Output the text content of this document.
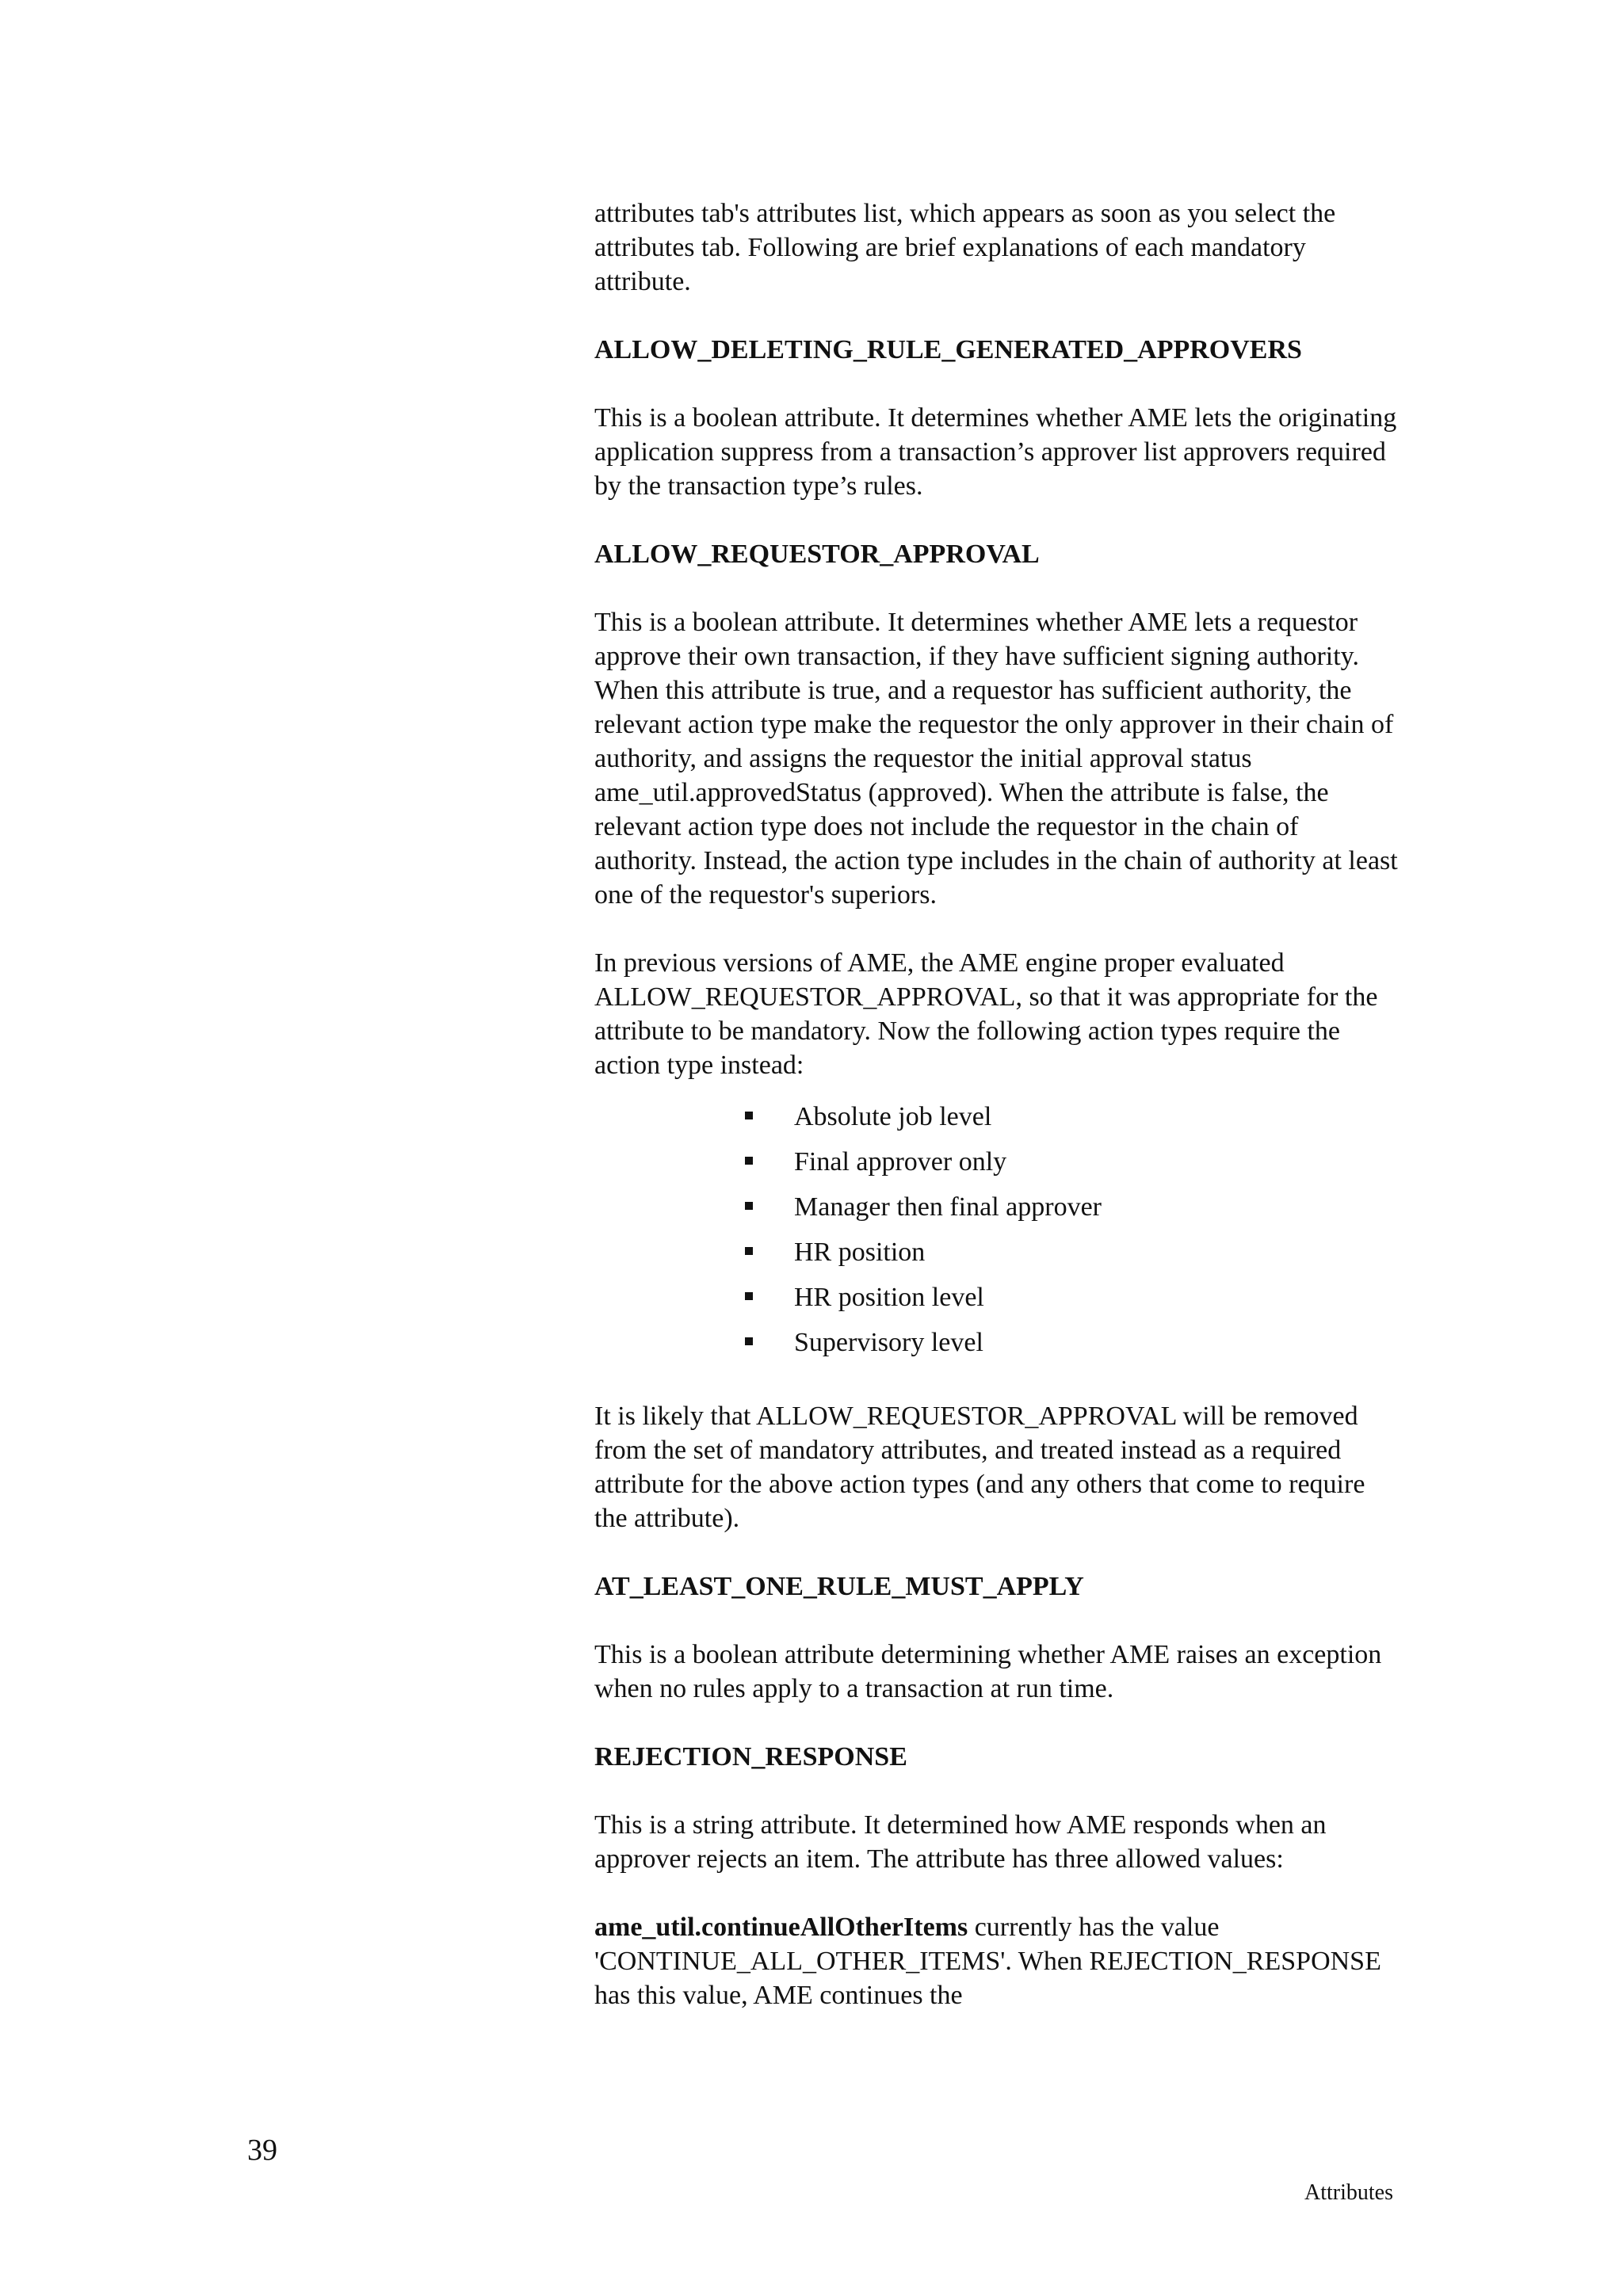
attributes tab's attributes list, which appears as soon as you select the attributes tab. Following are brief explanations of each mandatory attribute.

ALLOW_DELETING_RULE_GENERATED_APPROVERS

This is a boolean attribute. It determines whether AME lets the originating application suppress from a transaction’s approver list approvers required by the transaction type’s rules.

ALLOW_REQUESTOR_APPROVAL

This is a boolean attribute. It determines whether AME lets a requestor approve their own transaction, if they have sufficient signing authority. When this attribute is true, and a requestor has sufficient authority, the relevant action type make the requestor the only approver in their chain of authority, and assigns the requestor the initial approval status ame_util.approvedStatus (approved). When the attribute is false, the relevant action type does not include the requestor in the chain of authority. Instead, the action type includes in the chain of authority at least one of the requestor's superiors.

In previous versions of AME, the AME engine proper evaluated ALLOW_REQUESTOR_APPROVAL, so that it was appropriate for the attribute to be mandatory. Now the following action types require the action type instead:

Absolute job level
Final approver only
Manager then final approver
HR position
HR position level
Supervisory level

It is likely that ALLOW_REQUESTOR_APPROVAL will be removed from the set of mandatory attributes, and treated instead as a required attribute for the above action types (and any others that come to require the attribute).

AT_LEAST_ONE_RULE_MUST_APPLY

This is a boolean attribute determining whether AME raises an exception when no rules apply to a transaction at run time.

REJECTION_RESPONSE

This is a string attribute. It determined how AME responds when an approver rejects an item. The attribute has three allowed values:

ame_util.continueAllOtherItems currently has the value 'CONTINUE_ALL_OTHER_ITEMS'. When REJECTION_RESPONSE has this value, AME continues the

39
Attributes
